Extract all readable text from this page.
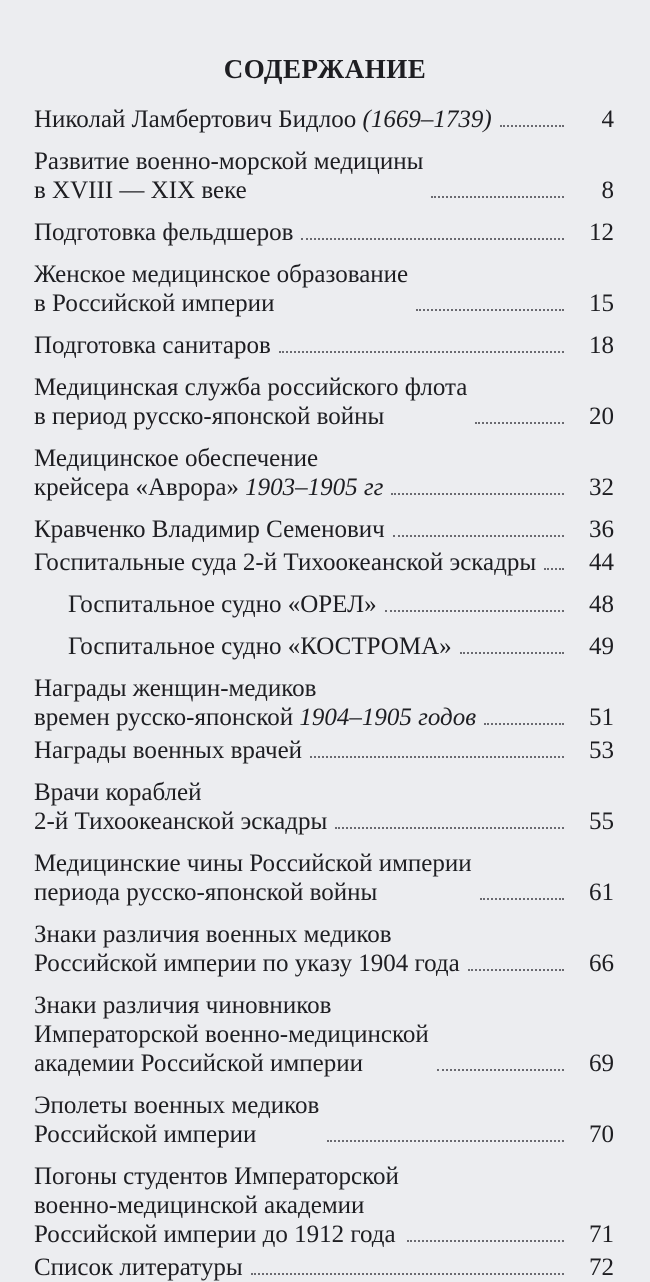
СОДЕРЖАНИЕ
Николай Ламбертович Бидлоо (1669–1739)	4
Развитие военно-морской медицины
в XVIII — XIX веке	8
Подготовка фельдшеров	12
Женское медицинское образование
в Российской империи	15
Подготовка санитаров	18
Медицинская служба российского флота
в период русско-японской войны	20
Медицинское обеспечение
крейсера «Аврора» 1903–1905 гг	32
Кравченко Владимир Семенович	36
Госпитальные суда 2-й Тихоокеанской эскадры	44
Госпитальное судно «ОРЕЛ»	48
Госпитальное судно «КОСТРОМА»	49
Награды женщин-медиков
времен русско-японской 1904–1905 годов	51
Награды военных врачей	53
Врачи кораблей
2-й Тихоокеанской эскадры	55
Медицинские чины Российской империи
периода русско-японской войны	61
Знаки различия военных медиков
Российской империи по указу 1904 года	66
Знаки различия чиновников
Императорской военно-медицинской
академии Российской империи	69
Эполеты военных медиков
Российской империи	70
Погоны студентов Императорской
военно-медицинской академии
Российской империи до 1912 года	71
Список литературы	72
